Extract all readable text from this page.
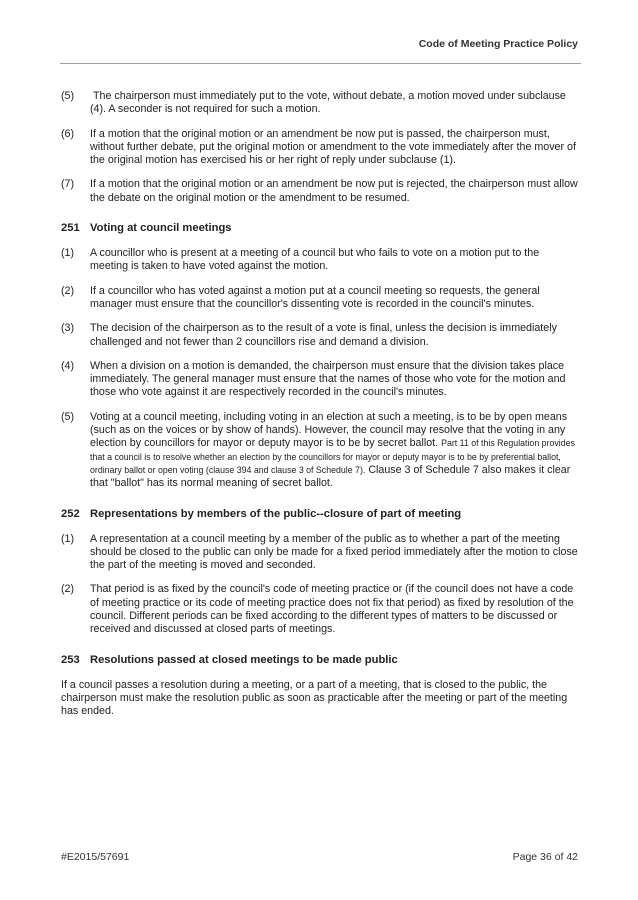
Code of Meeting Practice Policy
(5)	The chairperson must immediately put to the vote, without debate, a motion moved under subclause (4). A seconder is not required for such a motion.
(6)	If a motion that the original motion or an amendment be now put is passed, the chairperson must, without further debate, put the original motion or amendment to the vote immediately after the mover of the original motion has exercised his or her right of reply under subclause (1).
(7)	If a motion that the original motion or an amendment be now put is rejected, the chairperson must allow the debate on the original motion or the amendment to be resumed.
251 Voting at council meetings
(1)	A councillor who is present at a meeting of a council but who fails to vote on a motion put to the meeting is taken to have voted against the motion.
(2)	If a councillor who has voted against a motion put at a council meeting so requests, the general manager must ensure that the councillor's dissenting vote is recorded in the council's minutes.
(3)	The decision of the chairperson as to the result of a vote is final, unless the decision is immediately challenged and not fewer than 2 councillors rise and demand a division.
(4)	When a division on a motion is demanded, the chairperson must ensure that the division takes place immediately. The general manager must ensure that the names of those who vote for the motion and those who vote against it are respectively recorded in the council's minutes.
(5)	Voting at a council meeting, including voting in an election at such a meeting, is to be by open means (such as on the voices or by show of hands). However, the council may resolve that the voting in any election by councillors for mayor or deputy mayor is to be by secret ballot. Part 11 of this Regulation provides that a council is to resolve whether an election by the councillors for mayor or deputy mayor is to be by preferential ballot, ordinary ballot or open voting (clause 394 and clause 3 of Schedule 7). Clause 3 of Schedule 7 also makes it clear that "ballot" has its normal meaning of secret ballot.
252 Representations by members of the public--closure of part of meeting
(1)	A representation at a council meeting by a member of the public as to whether a part of the meeting should be closed to the public can only be made for a fixed period immediately after the motion to close the part of the meeting is moved and seconded.
(2)	That period is as fixed by the council's code of meeting practice or (if the council does not have a code of meeting practice or its code of meeting practice does not fix that period) as fixed by resolution of the council. Different periods can be fixed according to the different types of matters to be discussed or received and discussed at closed parts of meetings.
253 Resolutions passed at closed meetings to be made public
If a council passes a resolution during a meeting, or a part of a meeting, that is closed to the public, the chairperson must make the resolution public as soon as practicable after the meeting or part of the meeting has ended.
#E2015/57691	Page 36 of 42
